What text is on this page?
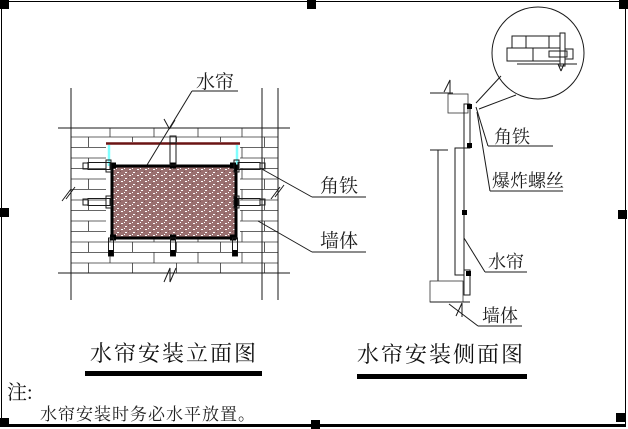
水帘
角铁
墙体
水帘安装立面图
角铁
爆炸螺丝
水帘
墙体
水帘安装侧面图
注:
水帘安装时务必水平放置。
